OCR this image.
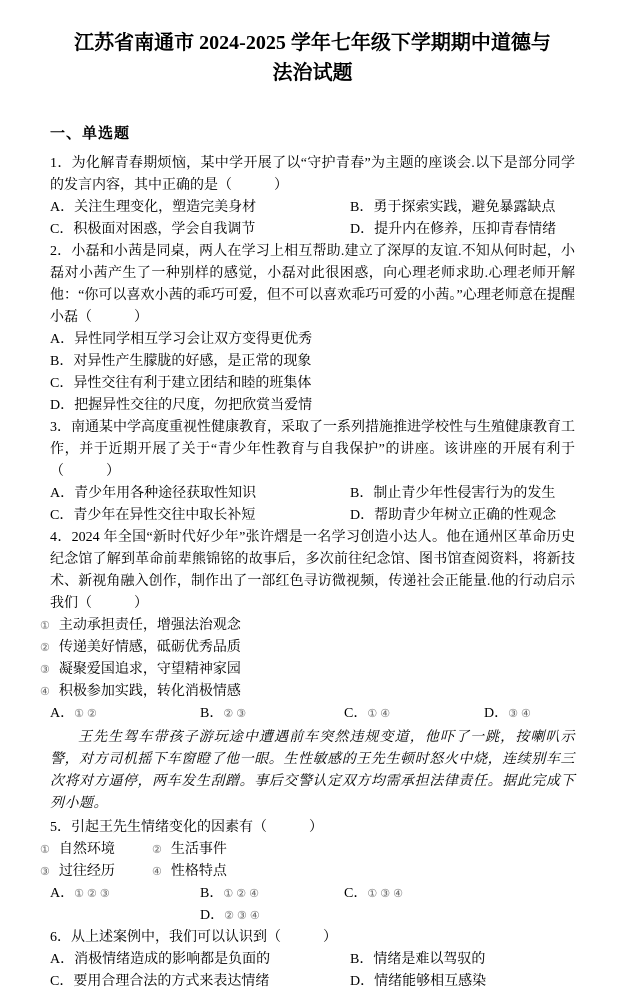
江苏省南通市 2024-2025 学年七年级下学期期中道德与法治试题
一、单选题

1．为化解青春期烦恼，某中学开展了以“守护青春”为主题的座谈会.以下是部分同学的发言内容，其中正确的是（　　　）

A．关注生理变化，塑造完美身材	B．勇于探索实践，避免暴露缺点
C．积极面对困惑，学会自我调节	D．提升内在修养，压抑青春情绪

2．小磊和小茜是同桌，两人在学习上相互帮助.建立了深厚的友谊.不知从何时起，小磊对小茜产生了一种别样的感觉，小磊对此很困惑，向心理老师求助.心理老师开解他：“你可以喜欢小茜的乖巧可爱，但不可以喜欢乖巧可爱的小茜。”心理老师意在提醒小磊（　　　）

A．异性同学相互学习会让双方变得更优秀
B．对异性产生朦胧的好感，是正常的现象
C．异性交往有利于建立团结和睦的班集体
D．把握异性交往的尺度，勿把欣赏当爱情

3．南通某中学高度重视性健康教育，采取了一系列措施推进学校性与生殖健康教育工作，并于近期开展了关于“青少年性教育与自我保护”的讲座。该讲座的开展有利于（　　　）

A．青少年用各种途径获取性知识	B．制止青少年性侵害行为的发生
C．青少年在异性交往中取长补短	D．帮助青少年树立正确的性观念

4．2024 年全国“新时代好少年”张许熠是一名学习创造小达人。他在通州区革命历史纪念馆了解到革命前辈熊锦铭的故事后，多次前往纪念馆、图书馆查阅资料，将新技术、新视角融入创作，制作出了一部红色寻访微视频，传递社会正能量.他的行动启示我们（　　　）

① 主动承担责任，增强法治观念
② 传递美好情感，砥砺优秀品质
③ 凝聚爱国追求，守望精神家园
④ 积极参加实践，转化消极情感
A．①②	B．②③	C．①④	D．③④

王先生驾车带孩子游玩途中遭遇前车突然违规变道，他吓了一跳，按喇叭示警，对方司机摇下车窗瞪了他一眼。生性敏感的王先生顿时怒火中烧，连续别车三次将对方逼停，两车发生刮蹭。事后交警认定双方均需承担法律责任。据此完成下列小题。

5．引起王先生情绪变化的因素有（　　　）

① 自然环境	② 生活事件
③ 过往经历	④ 性格特点
A．①②③	B．①②④	C．①③④
D．②③④

6．从上述案例中，我们可以认识到（　　　）

A．消极情绪造成的影响都是负面的	B．情绪是难以驾驭的
C．要用合理合法的方式来表达情绪	D．情绪能够相互感染
